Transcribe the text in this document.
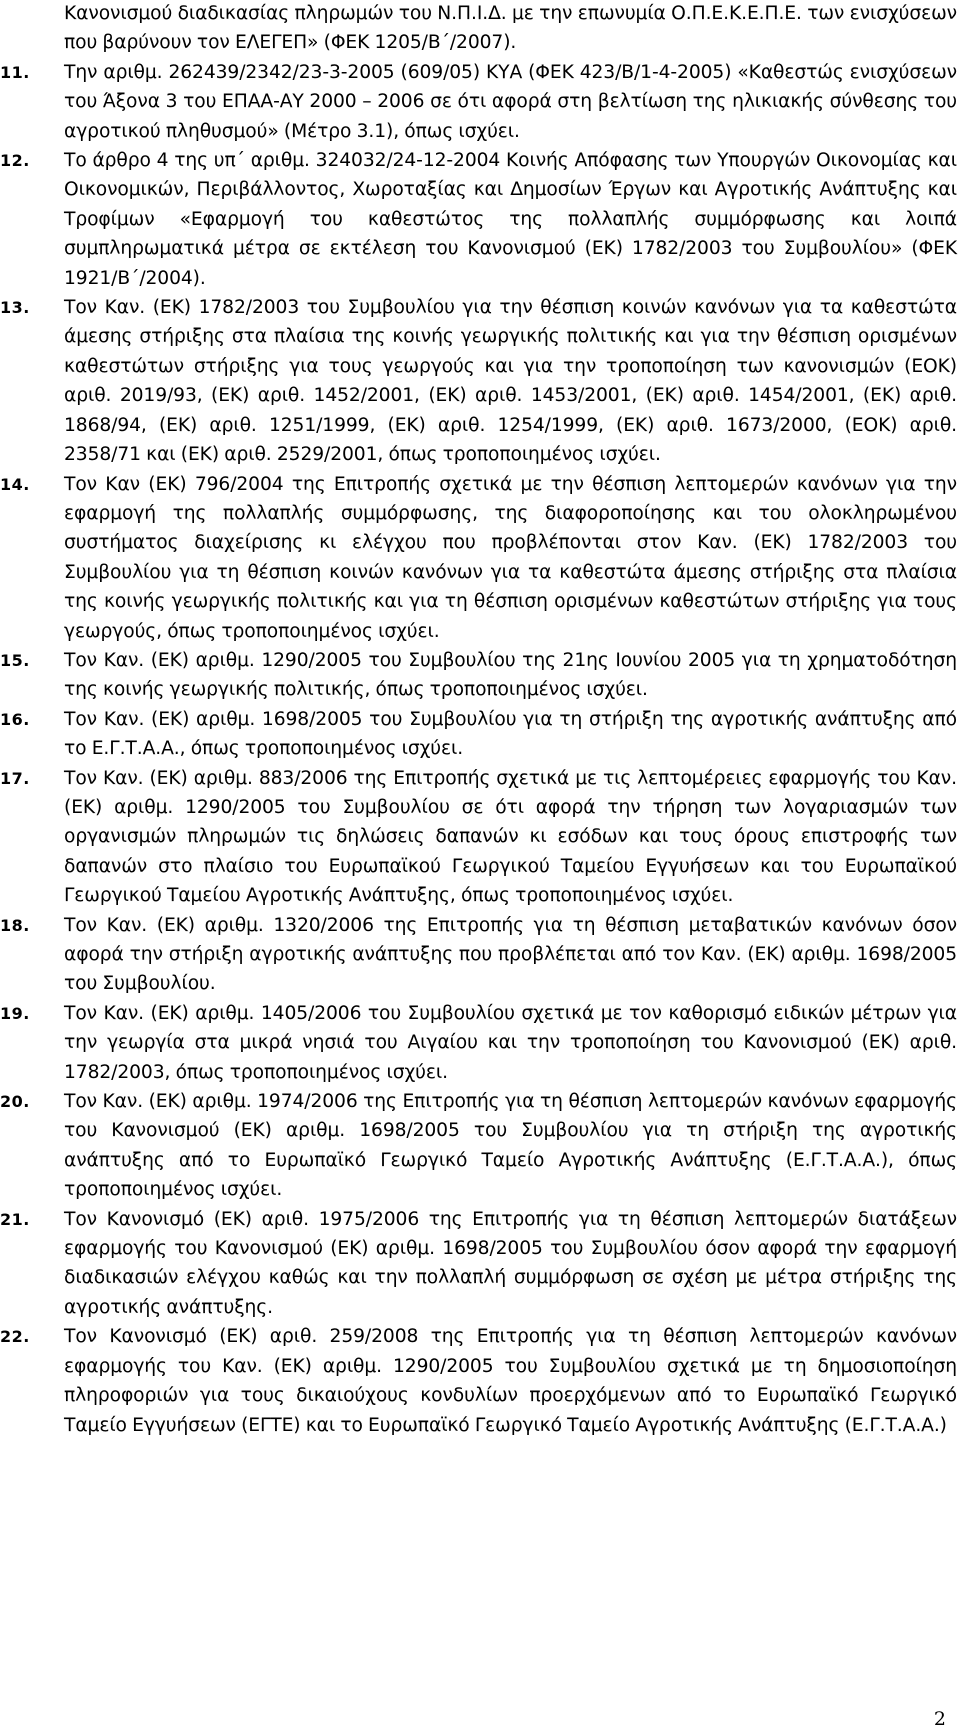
Κανονισμού διαδικασίας πληρωμών του Ν.Π.Ι.Δ. με την επωνυμία Ο.Π.Ε.Κ.Ε.Π.Ε. των ενισχύσεων που βαρύνουν τον ΕΛΕΓΕΠ» (ΦΕΚ 1205/Β΄/2007).

11.	Την αριθμ. 262439/2342/23-3-2005 (609/05) ΚΥΑ (ΦΕΚ 423/Β/1-4-2005) «Καθεστώς ενισχύσεων του Άξονα 3 του ΕΠΑΑ-ΑΥ 2000 – 2006 σε ότι αφορά στη βελτίωση της ηλικιακής σύνθεσης του αγροτικού πληθυσμού» (Μέτρο 3.1), όπως ισχύει.

12.	Το άρθρο 4 της υπ΄ αριθμ. 324032/24-12-2004 Κοινής Απόφασης των Υπουργών Οικονομίας και Οικονομικών, Περιβάλλοντος, Χωροταξίας και Δημοσίων Έργων και Αγροτικής Ανάπτυξης και Τροφίμων «Εφαρμογή του καθεστώτος της πολλαπλής συμμόρφωσης και λοιπά συμπληρωματικά μέτρα σε εκτέλεση του Κανονισμού (ΕΚ) 1782/2003 του Συμβουλίου» (ΦΕΚ 1921/Β΄/2004).

13.	Τον Καν. (ΕΚ) 1782/2003 του Συμβουλίου για την θέσπιση κοινών κανόνων για τα καθεστώτα άμεσης στήριξης στα πλαίσια της κοινής γεωργικής πολιτικής και για την θέσπιση ορισμένων καθεστώτων στήριξης για τους γεωργούς και για την τροποποίηση των κανονισμών (ΕΟΚ) αριθ. 2019/93, (ΕΚ) αριθ. 1452/2001, (ΕΚ) αριθ. 1453/2001, (ΕΚ) αριθ. 1454/2001, (ΕΚ) αριθ. 1868/94, (ΕΚ) αριθ. 1251/1999, (ΕΚ) αριθ. 1254/1999, (ΕΚ) αριθ. 1673/2000, (ΕΟΚ) αριθ. 2358/71 και (ΕΚ) αριθ. 2529/2001, όπως τροποποιημένος ισχύει.

14.	Τον Καν (ΕΚ) 796/2004 της Επιτροπής σχετικά με την θέσπιση λεπτομερών κανόνων για την εφαρμογή της πολλαπλής συμμόρφωσης, της διαφοροποίησης και του ολοκληρωμένου συστήματος διαχείρισης κι ελέγχου που προβλέπονται στον Καν. (ΕΚ) 1782/2003 του Συμβουλίου για τη θέσπιση κοινών κανόνων για τα καθεστώτα άμεσης στήριξης στα πλαίσια της κοινής γεωργικής πολιτικής και για τη θέσπιση ορισμένων καθεστώτων στήριξης για τους γεωργούς, όπως τροποποιημένος ισχύει.

15.	Τον Καν. (ΕΚ) αριθμ. 1290/2005 του Συμβουλίου της 21ης Ιουνίου 2005 για τη χρηματοδότηση της κοινής γεωργικής πολιτικής, όπως τροποποιημένος ισχύει.

16.	Τον Καν. (ΕΚ) αριθμ. 1698/2005 του Συμβουλίου για τη στήριξη της αγροτικής ανάπτυξης από το Ε.Γ.Τ.Α.Α., όπως τροποποιημένος ισχύει.

17.	Τον Καν. (ΕΚ) αριθμ. 883/2006 της Επιτροπής σχετικά με τις λεπτομέρειες εφαρμογής του Καν. (ΕΚ) αριθμ. 1290/2005 του Συμβουλίου σε ότι αφορά την τήρηση των λογαριασμών των οργανισμών πληρωμών τις δηλώσεις δαπανών κι εσόδων και τους όρους επιστροφής των δαπανών στο πλαίσιο του Ευρωπαϊκού Γεωργικού Ταμείου Εγγυήσεων και του Ευρωπαϊκού Γεωργικού Ταμείου Αγροτικής Ανάπτυξης, όπως τροποποιημένος ισχύει.

18.	Τον Καν. (ΕΚ) αριθμ. 1320/2006 της Επιτροπής για τη θέσπιση μεταβατικών κανόνων όσον αφορά την στήριξη αγροτικής ανάπτυξης που προβλέπεται από τον Καν. (ΕΚ) αριθμ. 1698/2005 του Συμβουλίου.

19.	Τον Καν. (ΕΚ) αριθμ. 1405/2006 του Συμβουλίου σχετικά με τον καθορισμό ειδικών μέτρων για την γεωργία στα μικρά νησιά του Αιγαίου και την τροποποίηση του Κανονισμού (ΕΚ) αριθ. 1782/2003, όπως τροποποιημένος ισχύει.

20.	Τον Καν. (ΕΚ) αριθμ. 1974/2006 της Επιτροπής για τη θέσπιση λεπτομερών κανόνων εφαρμογής του Κανονισμού (ΕΚ) αριθμ. 1698/2005 του Συμβουλίου για τη στήριξη της αγροτικής ανάπτυξης από το Ευρωπαϊκό Γεωργικό Ταμείο Αγροτικής Ανάπτυξης (Ε.Γ.Τ.Α.Α.), όπως τροποποιημένος ισχύει.

21.	Τον Κανονισμό (ΕΚ) αριθ. 1975/2006 της Επιτροπής για τη θέσπιση λεπτομερών διατάξεων εφαρμογής του Κανονισμού (ΕΚ) αριθμ. 1698/2005 του Συμβουλίου όσον αφορά την εφαρμογή διαδικασιών ελέγχου καθώς και την πολλαπλή συμμόρφωση σε σχέση με μέτρα στήριξης της αγροτικής ανάπτυξης.

22.	Τον Κανονισμό (ΕΚ) αριθ. 259/2008 της Επιτροπής για τη θέσπιση λεπτομερών κανόνων εφαρμογής του Καν. (ΕΚ) αριθμ. 1290/2005 του Συμβουλίου σχετικά με τη δημοσιοποίηση πληροφοριών για τους δικαιούχους κονδυλίων προερχόμενων από το Ευρωπαϊκό Γεωργικό Ταμείο Εγγυήσεων (ΕΓΤΕ) και το Ευρωπαϊκό Γεωργικό Ταμείο Αγροτικής Ανάπτυξης (Ε.Γ.Τ.Α.Α.)

2
